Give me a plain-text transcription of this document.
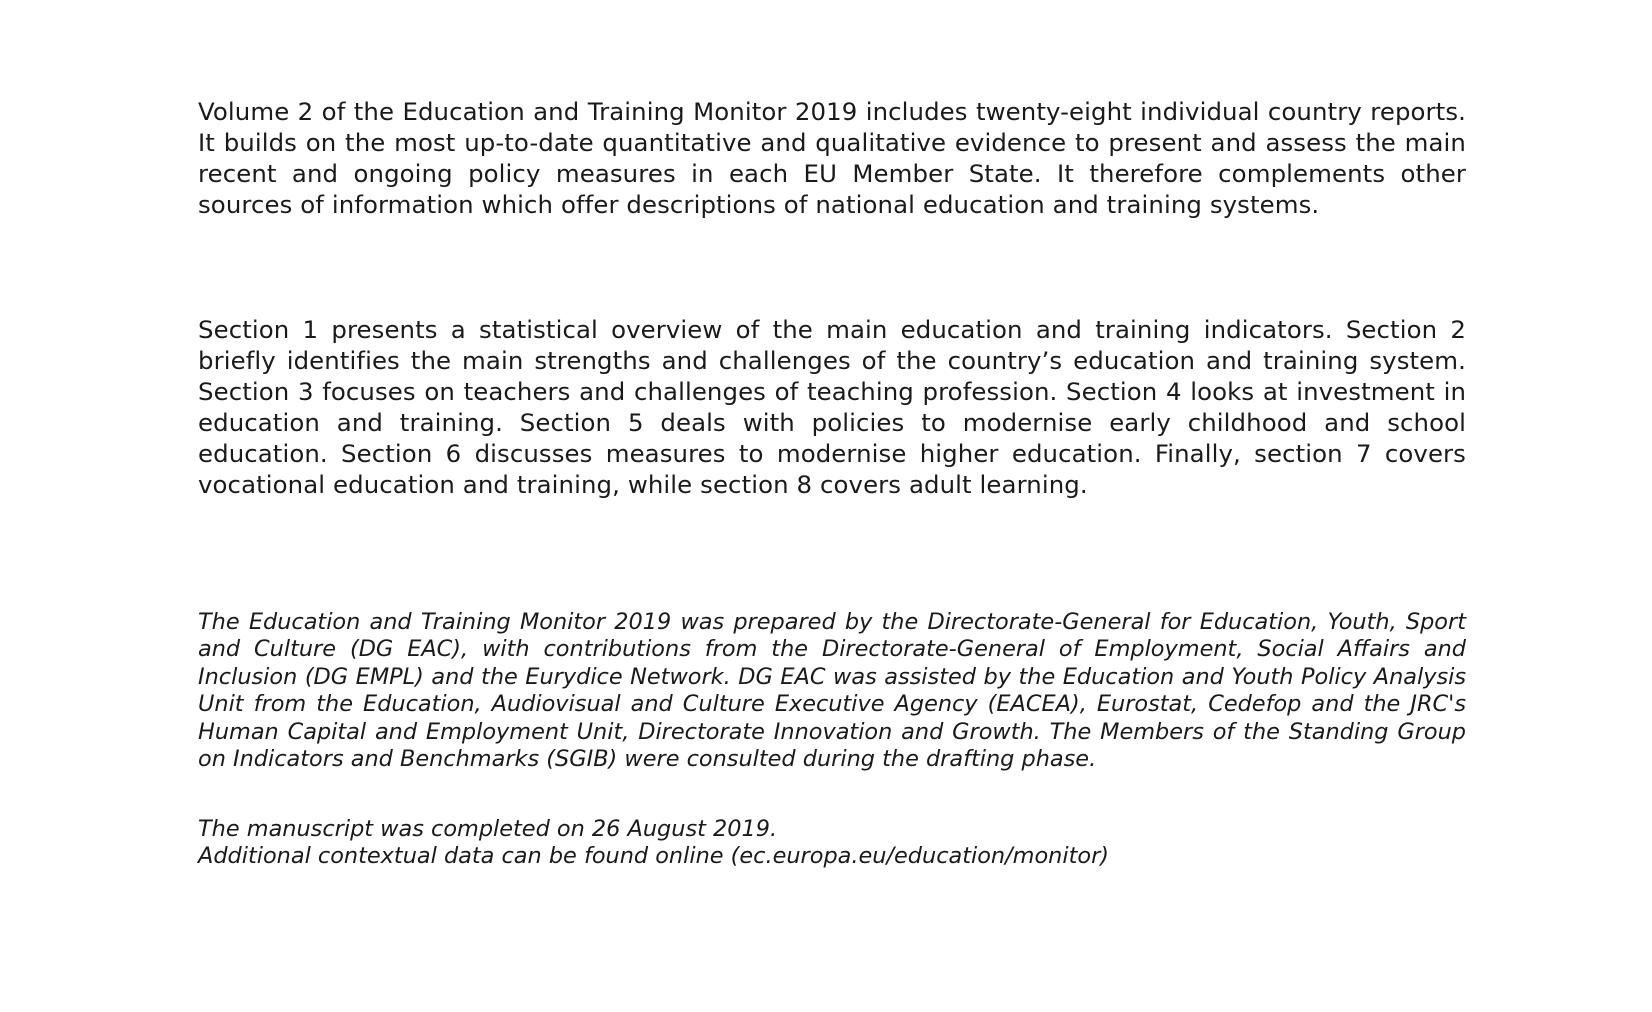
Volume 2 of the Education and Training Monitor 2019 includes twenty-eight individual country reports. It builds on the most up-to-date quantitative and qualitative evidence to present and assess the main recent and ongoing policy measures in each EU Member State. It therefore complements other sources of information which offer descriptions of national education and training systems.

Section 1 presents a statistical overview of the main education and training indicators. Section 2 briefly identifies the main strengths and challenges of the country’s education and training system. Section 3 focuses on teachers and challenges of teaching profession. Section 4 looks at investment in education and training. Section 5 deals with policies to modernise early childhood and school education. Section 6 discusses measures to modernise higher education. Finally, section 7 covers vocational education and training, while section 8 covers adult learning.

The Education and Training Monitor 2019 was prepared by the Directorate-General for Education, Youth, Sport and Culture (DG EAC), with contributions from the Directorate-General of Employment, Social Affairs and Inclusion (DG EMPL) and the Eurydice Network. DG EAC was assisted by the Education and Youth Policy Analysis Unit from the Education, Audiovisual and Culture Executive Agency (EACEA), Eurostat, Cedefop and the JRC's Human Capital and Employment Unit, Directorate Innovation and Growth. The Members of the Standing Group on Indicators and Benchmarks (SGIB) were consulted during the drafting phase.

The manuscript was completed on 26 August 2019.
Additional contextual data can be found online (ec.europa.eu/education/monitor)
